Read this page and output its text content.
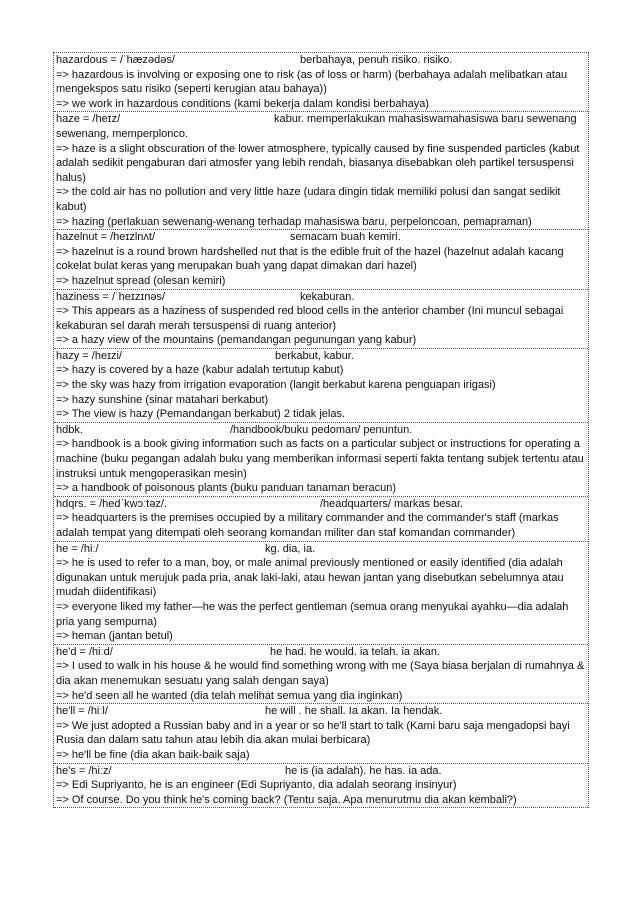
hazardous = /ˈhæzədəs/	berbahaya, penuh risiko. risiko.
=> hazardous is involving or exposing one to risk (as of loss or harm) (berbahaya adalah melibatkan atau mengekspos satu risiko (seperti kerugian atau bahaya))
=> we work in hazardous conditions (kami bekerja dalam kondisi berbahaya)
haze = /heɪz/	kabur. memperlakukan mahasiswamahasiswa baru sewenang sewenang, memperplonco.
=> haze is a slight obscuration of the lower atmosphere, typically caused by fine suspended particles (kabut adalah sedikit pengaburan dari atmosfer yang lebih rendah, biasanya disebabkan oleh partikel tersuspensi halus)
=> the cold air has no pollution and very little haze (udara dingin tidak memiliki polusi dan sangat sedikit kabut)
=> hazing (perlakuan sewenang-wenang terhadap mahasiswa baru, perpeloncoan, pemapraman)
hazelnut = /heɪzlnʌt/	semacam buah kemiri.
=> hazelnut is a round brown hardshelled nut that is the edible fruit of the hazel (hazelnut adalah kacang cokelat bulat keras yang merupakan buah yang dapat dimakan dari hazel)
=> hazelnut spread (olesan kemiri)
haziness = /ˈheɪzɪnəs/	kekaburan.
=> This appears as a haziness of suspended red blood cells in the anterior chamber (Ini muncul sebagai kekaburan sel darah merah tersuspensi di ruang anterior)
=> a hazy view of the mountains (pemandangan pegunungan yang kabur)
hazy = /heɪzi/	berkabut, kabur.
=> hazy is covered by a haze (kabur adalah tertutup kabut)
=> the sky was hazy from irrigation evaporation (langit berkabut karena penguapan irigasi)
=> hazy sunshine (sinar matahari berkabut)
=> The view is hazy (Pemandangan berkabut) 2 tidak jelas.
hdbk.	/handbook/buku pedoman/ penuntun.
=> handbook is a book giving information such as facts on a particular subject or instructions for operating a machine (buku pegangan adalah buku yang memberikan informasi seperti fakta tentang subjek tertentu atau instruksi untuk mengoperasikan mesin)
=> a handbook of poisonous plants (buku panduan tanaman beracun)
hdqrs. = /hedˈkwɔːtəz/.	/headquarters/ markas besar.
=> headquarters is the premises occupied by a military commander and the commander's staff (markas adalah tempat yang ditempati oleh seorang komandan militer dan staf komandan commander)
he = /hiː/	kg. dia, ia.
=> he is used to refer to a man, boy, or male animal previously mentioned or easily identified (dia adalah digunakan untuk merujuk pada pria, anak laki-laki, atau hewan jantan yang disebutkan sebelumnya atau mudah diidentifikasi)
=> everyone liked my father—he was the perfect gentleman (semua orang menyukai ayahku—dia adalah pria yang sempurna)
=> heman (jantan betul)
he'd = /hiːd/	he had. he would. ia telah. ia akan.
=> I used to walk in his house & he would find something wrong with me (Saya biasa berjalan di rumahnya & dia akan menemukan sesuatu yang salah dengan saya)
=> he'd seen all he wanted (dia telah melihat semua yang dia inginkan)
he'll = /hiːl/	he will . he shall. Ia akan. Ia hendak.
=> We just adopted a Russian baby and in a year or so he'll start to talk (Kami baru saja mengadopsi bayi Rusia dan dalam satu tahun atau lebih dia akan mulai berbicara)
=> he'll be fine (dia akan baik-baik saja)
he's = /hiːz/	he is (ia adalah). he has. ia ada.
=> Edi Supriyanto, he is an engineer (Edi Supriyanto, dia adalah seorang insinyur)
=> Of course. Do you think he's coming back? (Tentu saja. Apa menurutmu dia akan kembali?)
